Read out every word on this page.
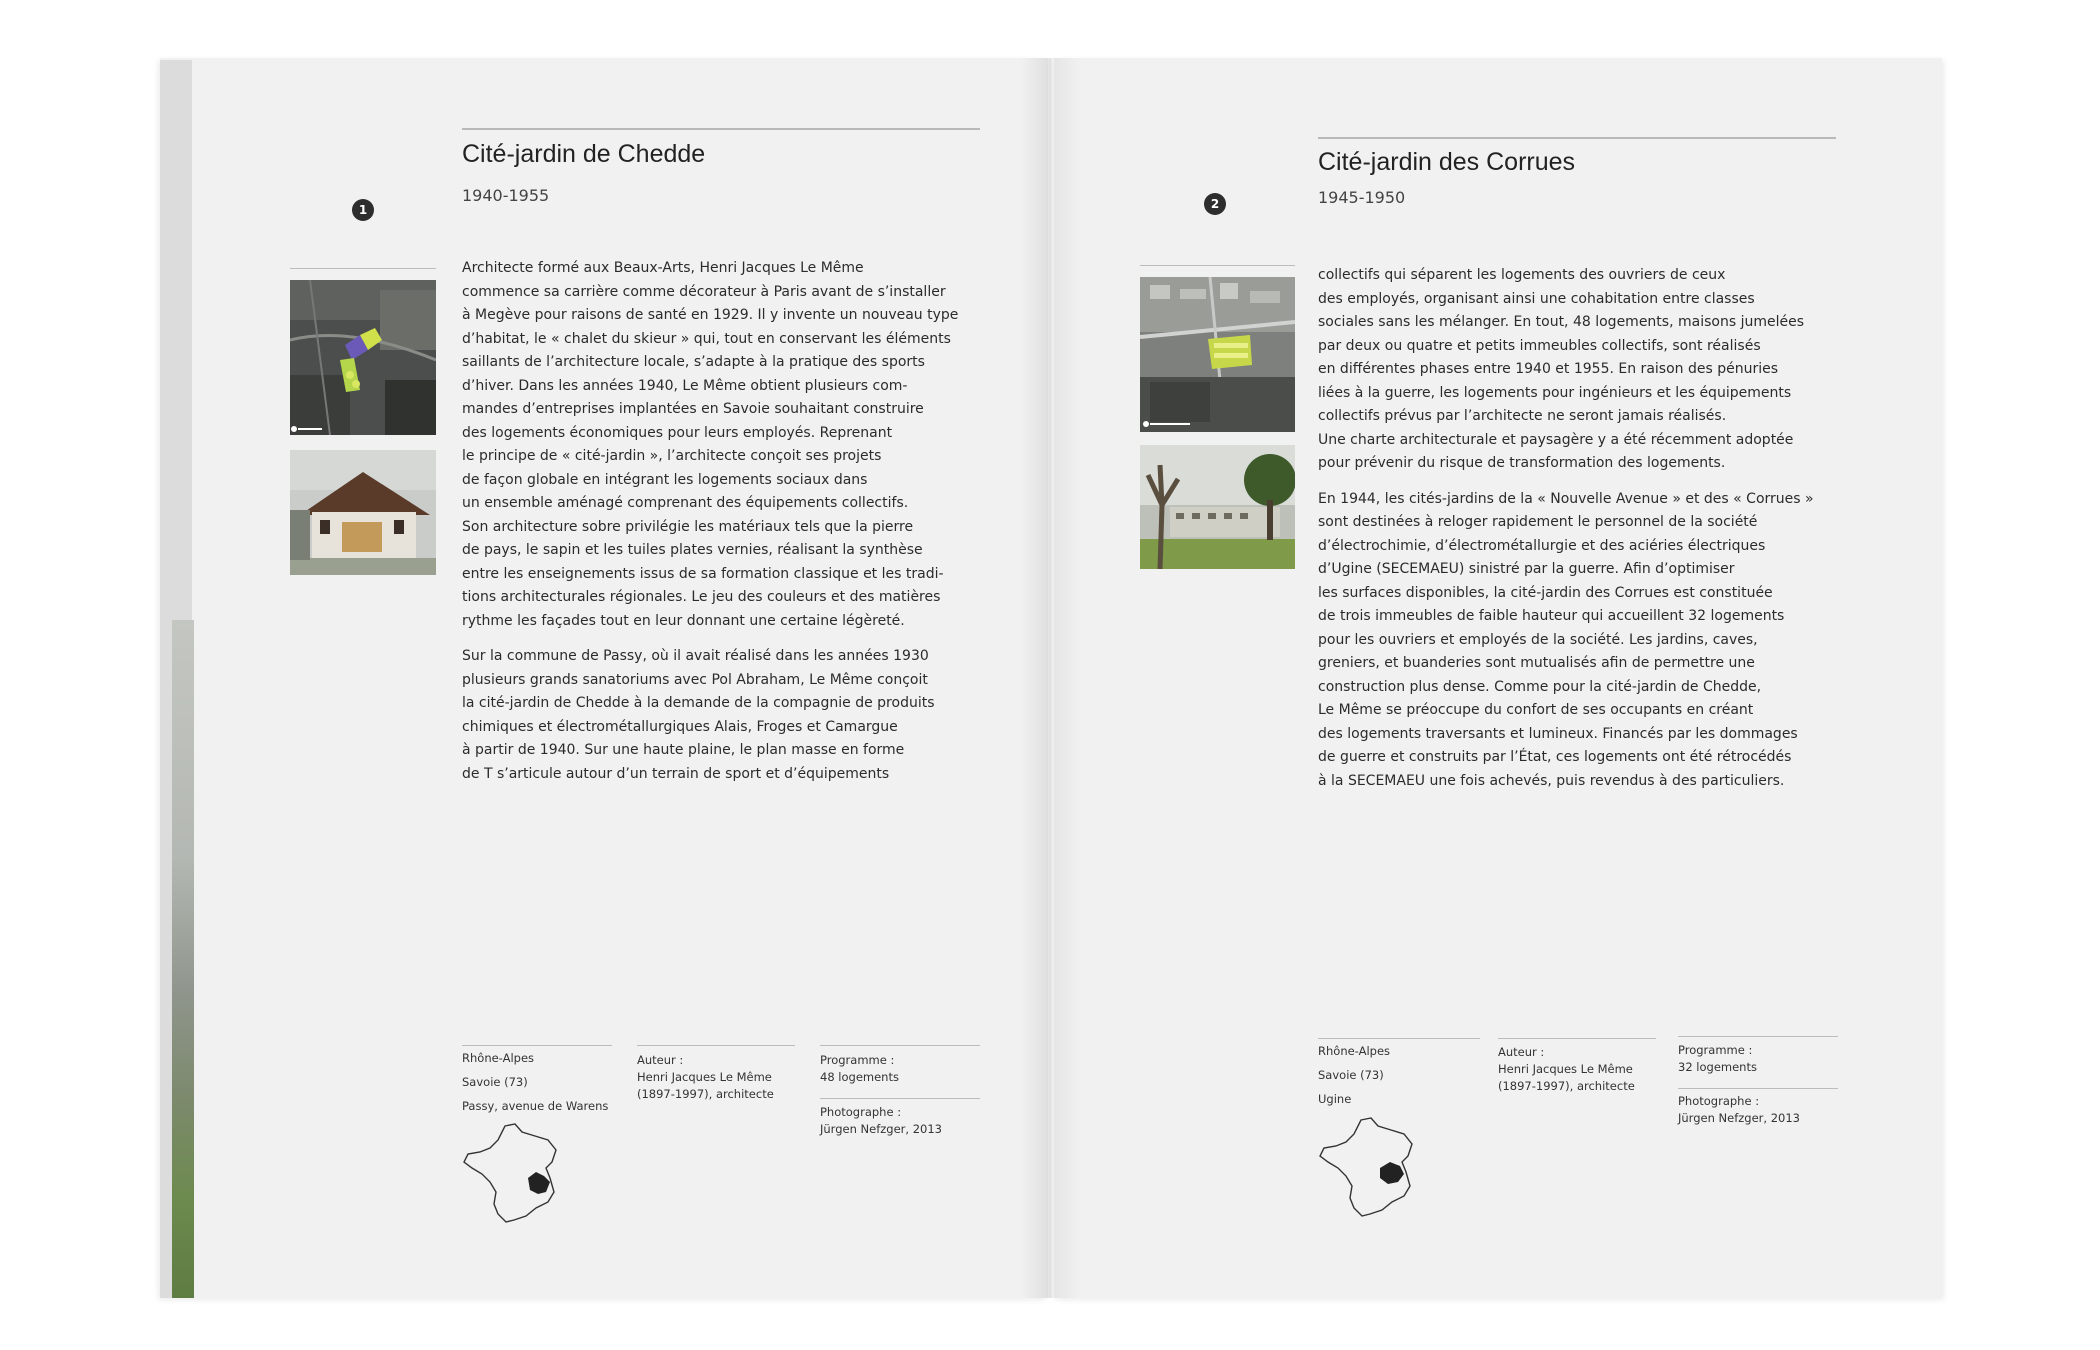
Cité-jardin de Chedde
1940-1955
1
Architecte formé aux Beaux-Arts, Henri Jacques Le Même
commence sa carrière comme décorateur à Paris avant de s’installer
à Megève pour raisons de santé en 1929. Il y invente un nouveau type
d’habitat, le « chalet du skieur » qui, tout en conservant les éléments
saillants de l’architecture locale, s’adapte à la pratique des sports
d’hiver. Dans les années 1940, Le Même obtient plusieurs com-
mandes d’entreprises implantées en Savoie souhaitant construire
des logements économiques pour leurs employés. Reprenant
le principe de « cité-jardin », l’architecte conçoit ses projets
de façon globale en intégrant les logements sociaux dans
un ensemble aménagé comprenant des équipements collectifs.
Son architecture sobre privilégie les matériaux tels que la pierre
de pays, le sapin et les tuiles plates vernies, réalisant la synthèse
entre les enseignements issus de sa formation classique et les tradi-
tions architecturales régionales. Le jeu des couleurs et des matières
rythme les façades tout en leur donnant une certaine légèreté.
Sur la commune de Passy, où il avait réalisé dans les années 1930
plusieurs grands sanatoriums avec Pol Abraham, Le Même conçoit
la cité-jardin de Chedde à la demande de la compagnie de produits
chimiques et électrométallurgiques Alais, Froges et Camargue
à partir de 1940. Sur une haute plaine, le plan masse en forme
de T s’articule autour d’un terrain de sport et d’équipements
Rhône-Alpes
Savoie (73)
Passy, avenue de Warens
Auteur :
Henri Jacques Le Même
(1897-1997), architecte
Programme :
48 logements
Photographe :
Jürgen Nefzger, 2013
Cité-jardin des Corrues
1945-1950
2
collectifs qui séparent les logements des ouvriers de ceux
des employés, organisant ainsi une cohabitation entre classes
sociales sans les mélanger. En tout, 48 logements, maisons jumelées
par deux ou quatre et petits immeubles collectifs, sont réalisés
en différentes phases entre 1940 et 1955. En raison des pénuries
liées à la guerre, les logements pour ingénieurs et les équipements
collectifs prévus par l’architecte ne seront jamais réalisés.
Une charte architecturale et paysagère y a été récemment adoptée
pour prévenir du risque de transformation des logements.
En 1944, les cités-jardins de la « Nouvelle Avenue » et des « Corrues »
sont destinées à reloger rapidement le personnel de la société
d’électrochimie, d’électrométallurgie et des aciéries électriques
d’Ugine (SECEMAEU) sinistré par la guerre. Afin d’optimiser
les surfaces disponibles, la cité-jardin des Corrues est constituée
de trois immeubles de faible hauteur qui accueillent 32 logements
pour les ouvriers et employés de la société. Les jardins, caves,
greniers, et buanderies sont mutualisés afin de permettre une
construction plus dense. Comme pour la cité-jardin de Chedde,
Le Même se préoccupe du confort de ses occupants en créant
des logements traversants et lumineux. Financés par les dommages
de guerre et construits par l’État, ces logements ont été rétrocédés
à la SECEMAEU une fois achevés, puis revendus à des particuliers.
Rhône-Alpes
Savoie (73)
Ugine
Auteur :
Henri Jacques Le Même
(1897-1997), architecte
Programme :
32 logements
Photographe :
Jürgen Nefzger, 2013
